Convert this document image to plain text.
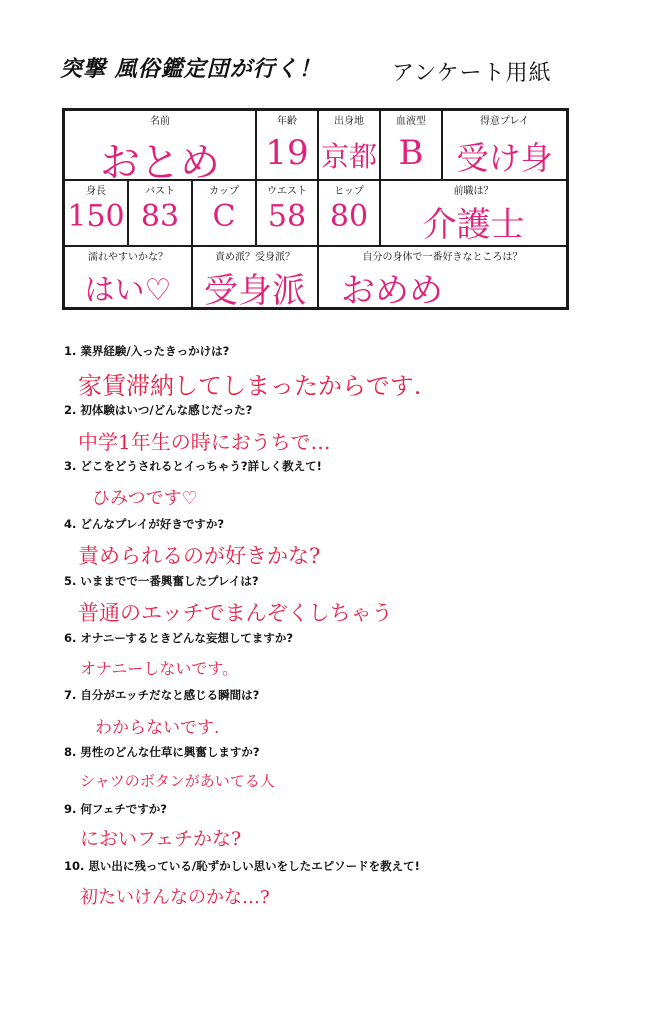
突撃 風俗鑑定団が行く！	アンケート用紙
名前
おとめ
年齢
19
出身地
京都
血液型
B
得意プレイ
受け身
身長
150
バスト
83
カップ
C
ウエスト
58
ヒップ
80
前職は？
介護士
濡れやすいかな？
はい♡
責め派？受身派？
受身派
自分の身体で一番好きなところは？
おめめ
1. 業界経験/入ったきっかけは?
家賃滞納してしまったからです.
2. 初体験はいつ/どんな感じだった?
中学1年生の時におうちで…
3. どこをどうされるとイっちゃう?詳しく教えて!
ひみつです♡
4. どんなプレイが好きですか?
責められるのが好きかな?
5. いままでで一番興奮したプレイは?
普通のエッチでまんぞくしちゃう
6. オナニーするときどんな妄想してますか?
オナニーしないです。
7. 自分がエッチだなと感じる瞬間は?
わからないです.
8. 男性のどんな仕草に興奮しますか?
シャツのボタンがあいてる人
9. 何フェチですか?
においフェチかな?
10. 思い出に残っている/恥ずかしい思いをしたエピソードを教えて!
初たいけんなのかな…?
